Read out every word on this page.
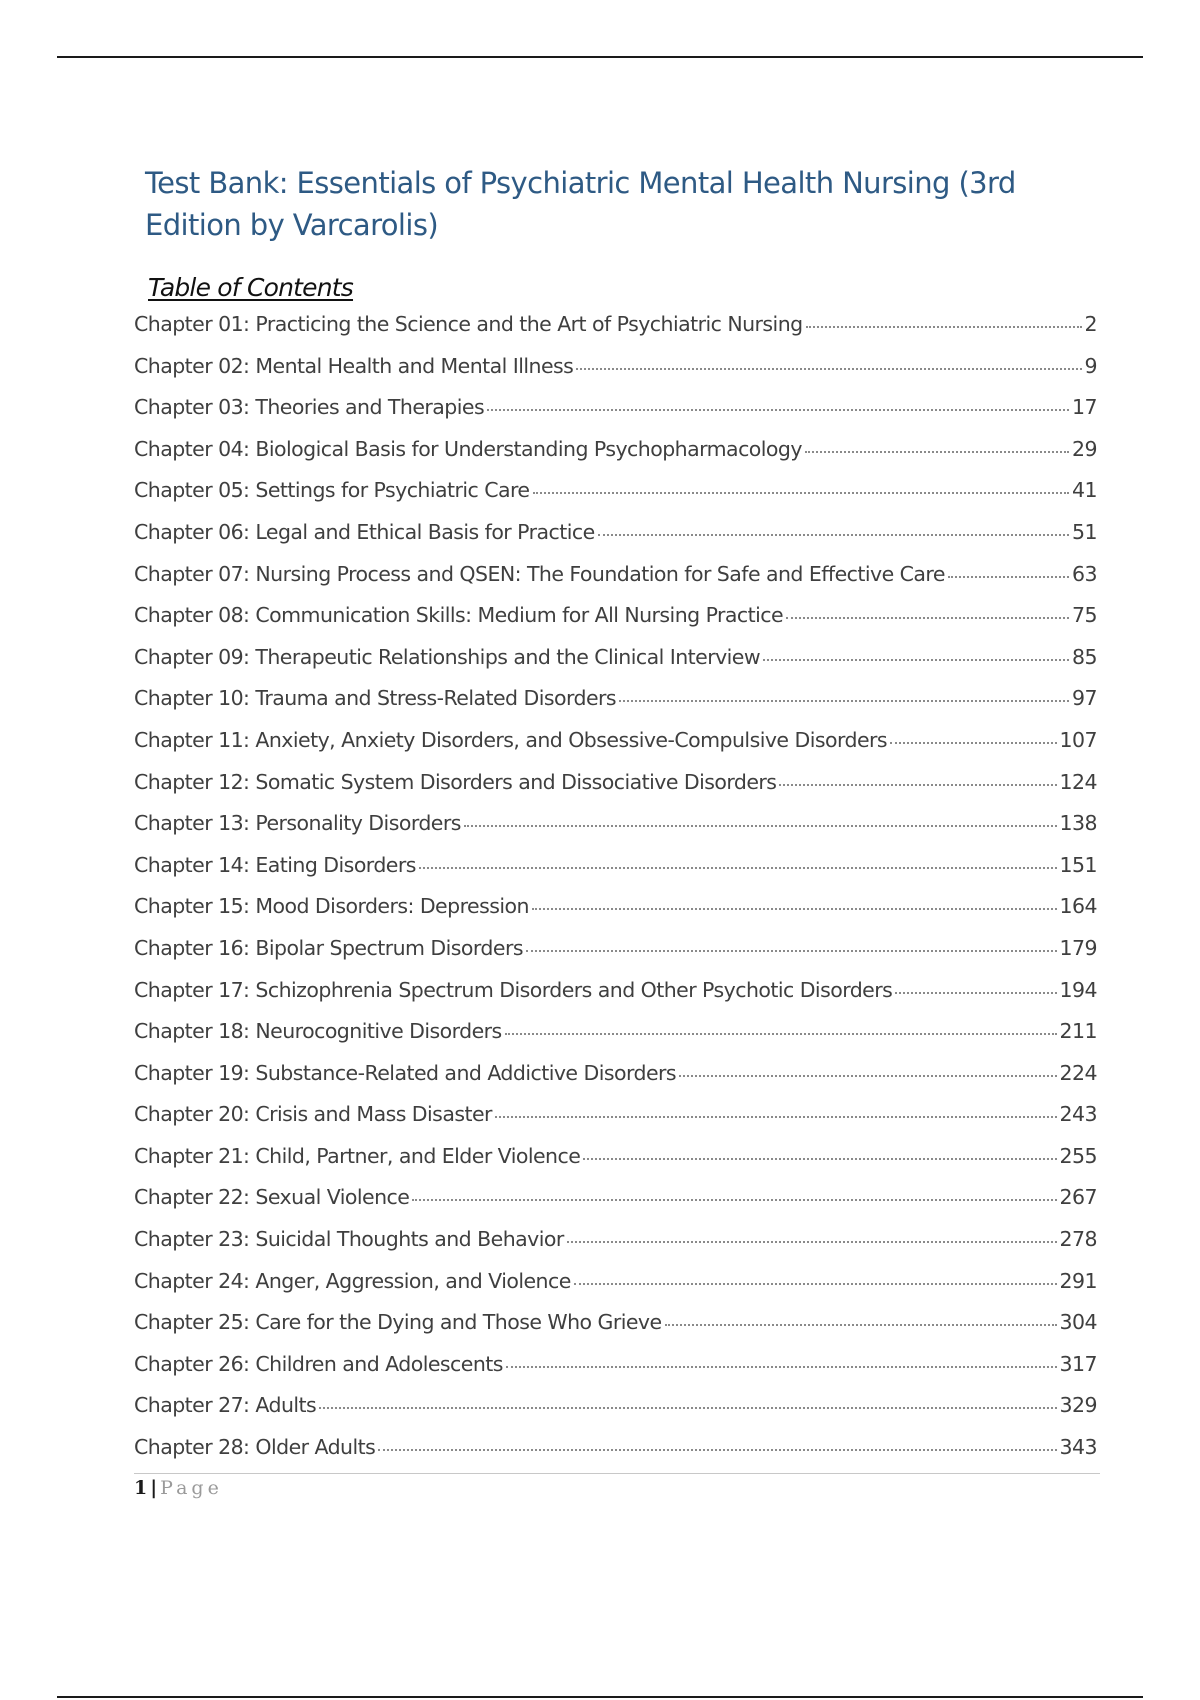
Test Bank: Essentials of Psychiatric Mental Health Nursing (3rd Edition by Varcarolis)
Table of Contents
Chapter 01: Practicing the Science and the Art of Psychiatric Nursing	2
Chapter 02: Mental Health and Mental Illness	9
Chapter 03: Theories and Therapies	17
Chapter 04: Biological Basis for Understanding Psychopharmacology	29
Chapter 05: Settings for Psychiatric Care	41
Chapter 06: Legal and Ethical Basis for Practice	51
Chapter 07: Nursing Process and QSEN: The Foundation for Safe and Effective Care	63
Chapter 08: Communication Skills: Medium for All Nursing Practice	75
Chapter 09: Therapeutic Relationships and the Clinical Interview	85
Chapter 10: Trauma and Stress-Related Disorders	97
Chapter 11: Anxiety, Anxiety Disorders, and Obsessive-Compulsive Disorders	107
Chapter 12: Somatic System Disorders and Dissociative Disorders	124
Chapter 13: Personality Disorders	138
Chapter 14: Eating Disorders	151
Chapter 15: Mood Disorders: Depression	164
Chapter 16: Bipolar Spectrum Disorders	179
Chapter 17: Schizophrenia Spectrum Disorders and Other Psychotic Disorders	194
Chapter 18: Neurocognitive Disorders	211
Chapter 19: Substance-Related and Addictive Disorders	224
Chapter 20: Crisis and Mass Disaster	243
Chapter 21: Child, Partner, and Elder Violence	255
Chapter 22: Sexual Violence	267
Chapter 23: Suicidal Thoughts and Behavior	278
Chapter 24: Anger, Aggression, and Violence	291
Chapter 25: Care for the Dying and Those Who Grieve	304
Chapter 26: Children and Adolescents	317
Chapter 27: Adults	329
Chapter 28: Older Adults	343
1 | Page
